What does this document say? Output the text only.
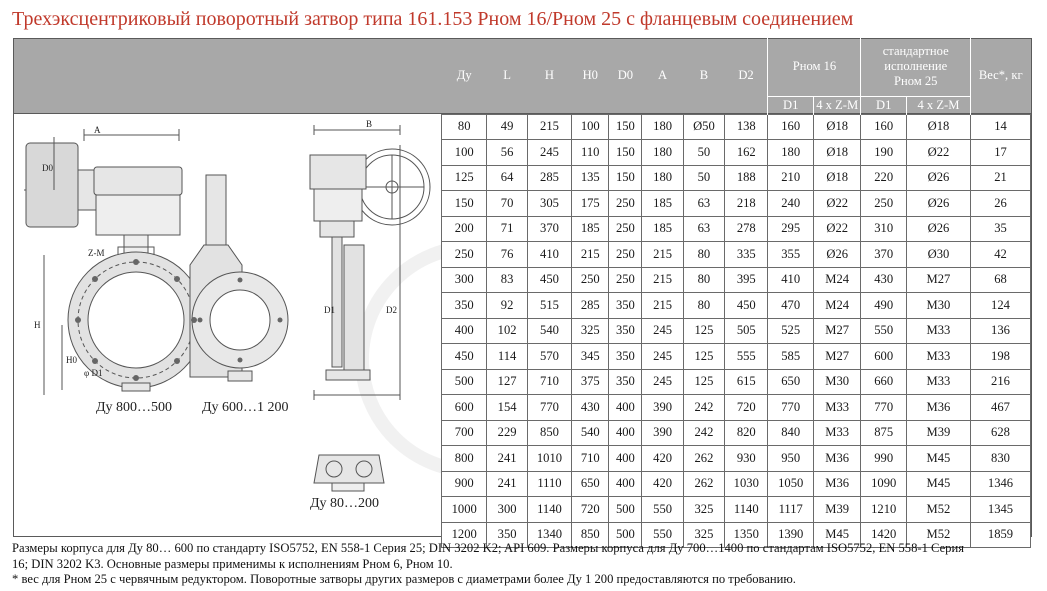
Трехэксцентриковый поворотный затвор типа 161.153 Pном 16/Pном 25 с фланцевым соединением
A
B
H
H0
D0
D1	D2
Z-M
φ D1
Ду 800…500 Ду 600…1 200
Ду 80…200
Ду	L	H	H0	D0	A	B	D2	Pном 16		стандартное
исполнение
Pном 25		Вес*, кг
								D1	4 x Z-M	D1	4 x Z-M	
80	49	215	100	150	180	Ø50	138	160	Ø18	160	Ø18	14
100	56	245	110	150	180	50	162	180	Ø18	190	Ø22	17
125	64	285	135	150	180	50	188	210	Ø18	220	Ø26	21
150	70	305	175	250	185	63	218	240	Ø22	250	Ø26	26
200	71	370	185	250	185	63	278	295	Ø22	310	Ø26	35
250	76	410	215	250	215	80	335	355	Ø26	370	Ø30	42
300	83	450	250	250	215	80	395	410	M24	430	M27	68
350	92	515	285	350	215	80	450	470	M24	490	M30	124
400	102	540	325	350	245	125	505	525	M27	550	M33	136
450	114	570	345	350	245	125	555	585	M27	600	M33	198
500	127	710	375	350	245	125	615	650	M30	660	M33	216
600	154	770	430	400	390	242	720	770	M33	770	M36	467
700	229	850	540	400	390	242	820	840	M33	875	M39	628
800	241	1010	710	400	420	262	930	950	M36	990	M45	830
900	241	1110	650	400	420	262	1030	1050	M36	1090	M45	1346
1000	300	1140	720	500	550	325	1140	1117	M39	1210	M52	1345
1200	350	1340	850	500	550	325	1350	1390	M45	1420	M52	1859

Размеры корпуса для Ду 80… 600 по стандарту ISO5752, EN 558-1 Серия 25; DIN 3202 K2; API 609. Размеры корпуса для Ду 700…1400 по стандартам ISO5752, EN 558-1 Серия

16; DIN 3202 K3. Основные размеры применимы к исполнениям Pном 6, Pном 10.

* вес для Pном 25 с червячным редуктором. Поворотные затворы других размеров с диаметрами более Ду 1 200 предоставляются по требованию.
